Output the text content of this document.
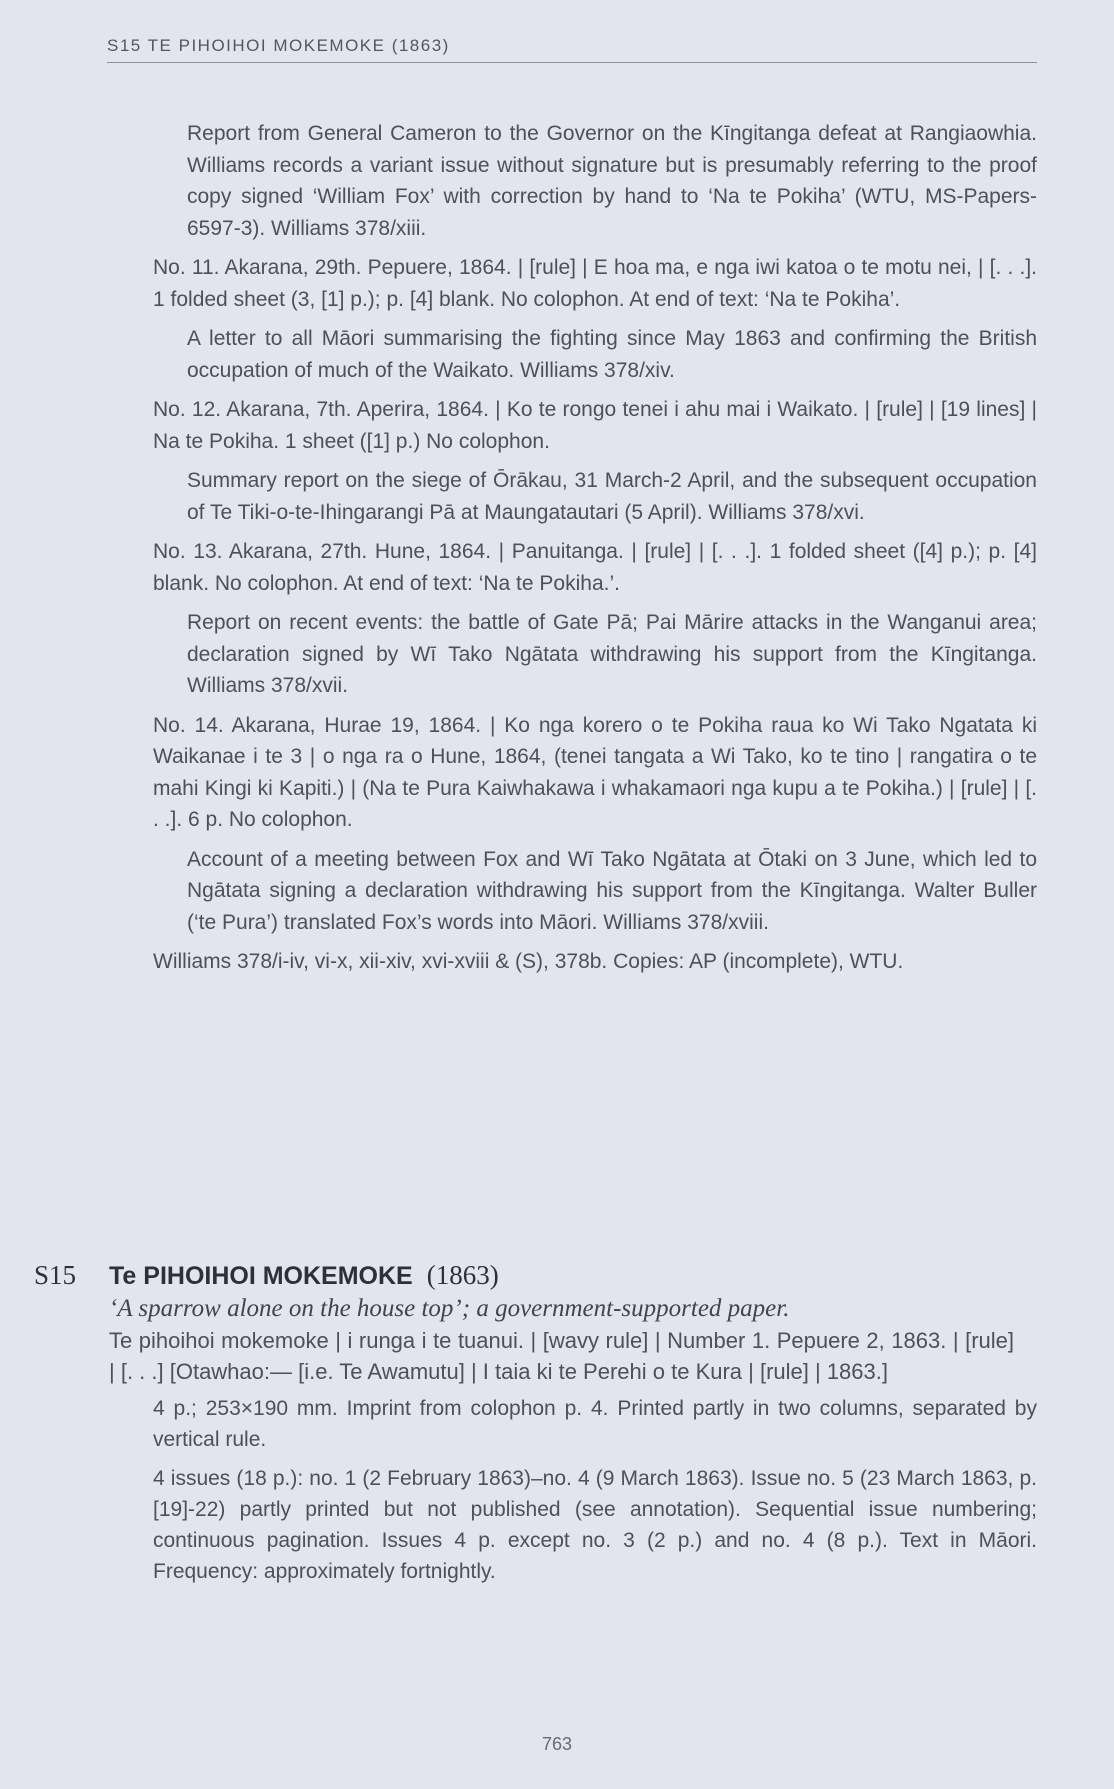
S15 TE PIHOIHOI MOKEMOKE (1863)

Report from General Cameron to the Governor on the Kīngitanga defeat at Rangiaowhia. Williams records a variant issue without signature but is presumably referring to the proof copy signed ‘William Fox’ with correction by hand to ‘Na te Pokiha’ (WTU, MS-Papers-6597-3). Williams 378/xiii.

No. 11. Akarana, 29th. Pepuere, 1864. | [rule] | E hoa ma, e nga iwi katoa o te motu nei, | [. . .]. 1 folded sheet (3, [1] p.); p. [4] blank. No colophon. At end of text: ‘Na te Pokiha’.

A letter to all Māori summarising the fighting since May 1863 and confirming the British occupation of much of the Waikato. Williams 378/xiv.

No. 12. Akarana, 7th. Aperira, 1864. | Ko te rongo tenei i ahu mai i Waikato. | [rule] | [19 lines] | Na te Pokiha. 1 sheet ([1] p.) No colophon.

Summary report on the siege of Ōrākau, 31 March-2 April, and the subsequent occupation of Te Tiki-o-te-Ihingarangi Pā at Maungatautari (5 April). Williams 378/xvi.

No. 13. Akarana, 27th. Hune, 1864. | Panuitanga. | [rule] | [. . .]. 1 folded sheet ([4] p.); p. [4] blank. No colophon. At end of text: ‘Na te Pokiha.’.

Report on recent events: the battle of Gate Pā; Pai Mārire attacks in the Wanganui area; declaration signed by Wī Tako Ngātata withdrawing his support from the Kīngitanga. Williams 378/xvii.

No. 14. Akarana, Hurae 19, 1864. | Ko nga korero o te Pokiha raua ko Wi Tako Ngatata ki Waikanae i te 3 | o nga ra o Hune, 1864, (tenei tangata a Wi Tako, ko te tino | rangatira o te mahi Kingi ki Kapiti.) | (Na te Pura Kaiwhakawa i whakamaori nga kupu a te Pokiha.) | [rule] | [. . .]. 6 p. No colophon.

Account of a meeting between Fox and Wī Tako Ngātata at Ōtaki on 3 June, which led to Ngātata signing a declaration withdrawing his support from the Kīngitanga. Walter Buller (‘te Pura’) translated Fox’s words into Māori. Williams 378/xviii.

Williams 378/i-iv, vi-x, xii-xiv, xvi-xviii & (S), 378b. Copies: AP (incomplete), WTU.

S15 Te PIHOIHOI MOKEMOKE (1863)
‘A sparrow alone on the house top’; a government-supported paper.
Te pihoihoi mokemoke | i runga i te tuanui. | [wavy rule] | Number 1. Pepuere 2, 1863. | [rule] | [. . .] [Otawhao:— [i.e. Te Awamutu] | I taia ki te Perehi o te Kura | [rule] | 1863.]

4 p.; 253×190 mm. Imprint from colophon p. 4. Printed partly in two columns, separated by vertical rule.

4 issues (18 p.): no. 1 (2 February 1863)–no. 4 (9 March 1863). Issue no. 5 (23 March 1863, p. [19]-22) partly printed but not published (see annotation). Sequential issue numbering; continuous pagination. Issues 4 p. except no. 3 (2 p.) and no. 4 (8 p.). Text in Māori. Frequency: approximately fortnightly.

763
